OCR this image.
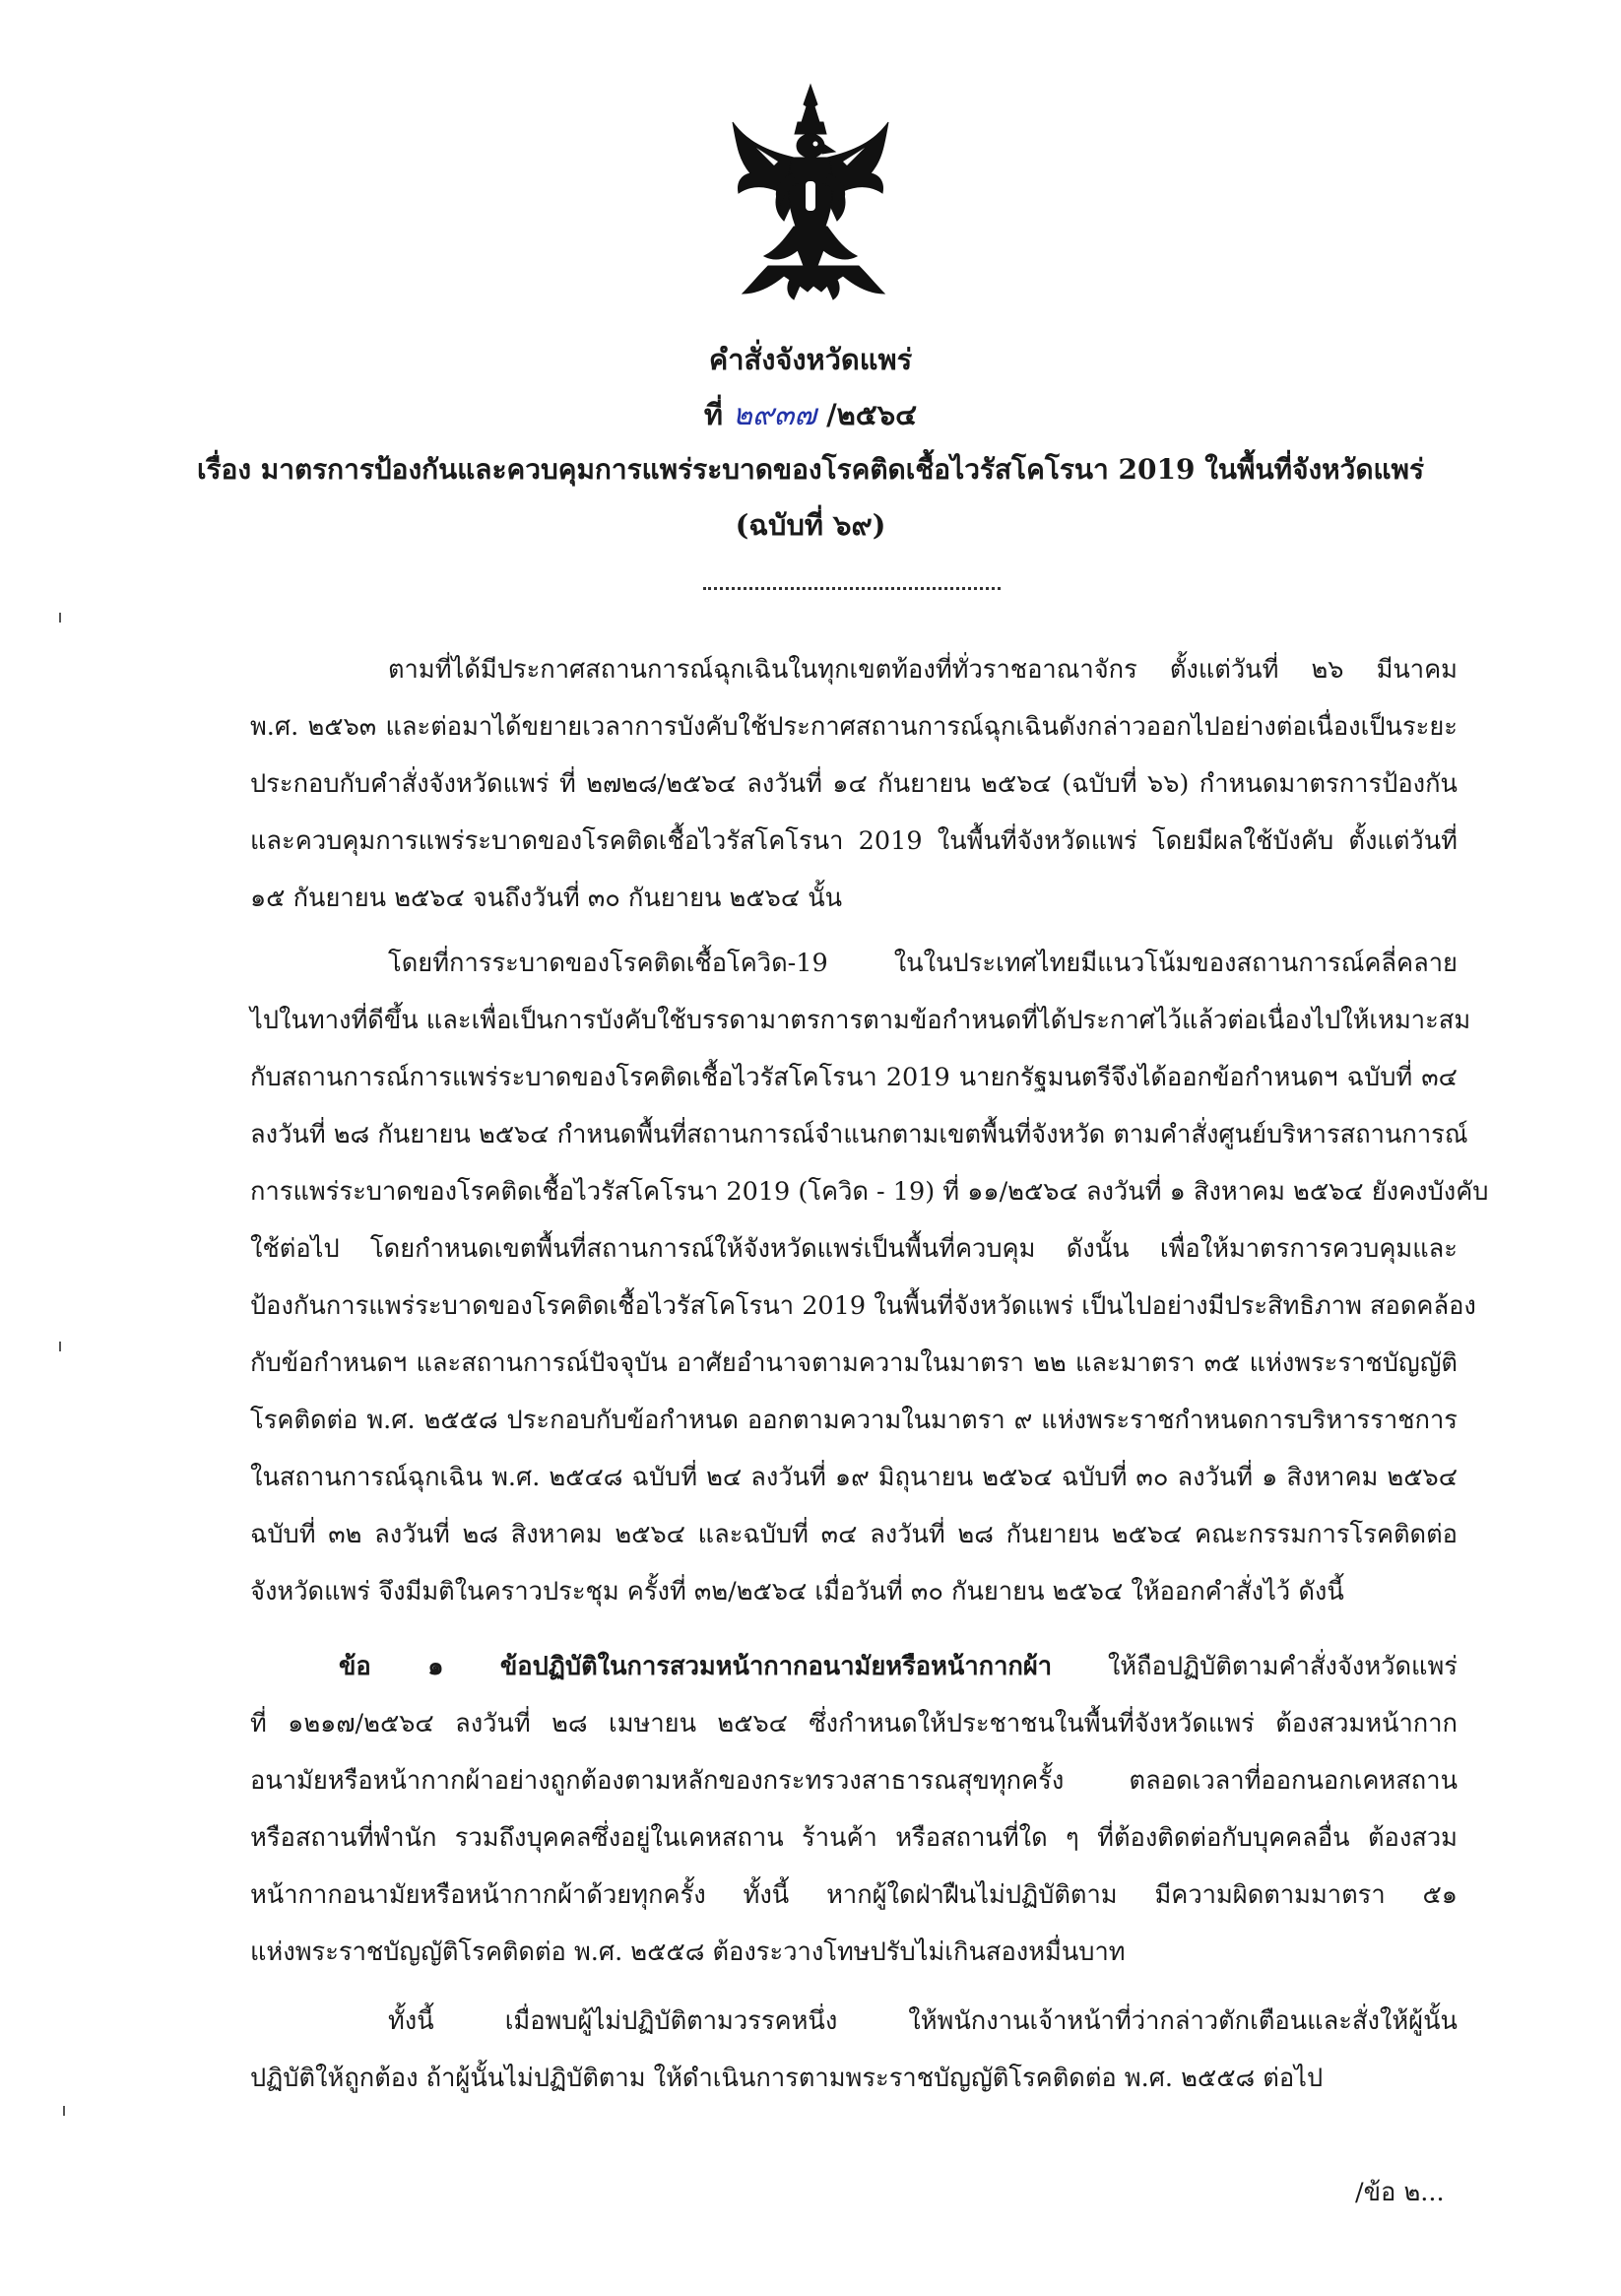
คำสั่งจังหวัดแพร่
ที่ ๒๙๓๗ /๒๕๖๔
เรื่อง มาตรการป้องกันและควบคุมการแพร่ระบาดของโรคติดเชื้อไวรัสโคโรนา 2019 ในพื้นที่จังหวัดแพร่
(ฉบับที่ ๖๙)
ตามที่ได้มีประกาศสถานการณ์ฉุกเฉินในทุกเขตท้องที่ทั่วราชอาณาจักร ตั้งแต่วันที่ ๒๖ มีนาคม
พ.ศ. ๒๕๖๓ และต่อมาได้ขยายเวลาการบังคับใช้ประกาศสถานการณ์ฉุกเฉินดังกล่าวออกไปอย่างต่อเนื่องเป็นระยะ
ประกอบกับคำสั่งจังหวัดแพร่ ที่ ๒๗๒๘/๒๕๖๔ ลงวันที่ ๑๔ กันยายน ๒๕๖๔ (ฉบับที่ ๖๖) กำหนดมาตรการป้องกัน
และควบคุมการแพร่ระบาดของโรคติดเชื้อไวรัสโคโรนา 2019 ในพื้นที่จังหวัดแพร่ โดยมีผลใช้บังคับ ตั้งแต่วันที่
๑๕ กันยายน ๒๕๖๔ จนถึงวันที่ ๓๐ กันยายน ๒๕๖๔ นั้น
โดยที่การระบาดของโรคติดเชื้อโควิด-19 ในในประเทศไทยมีแนวโน้มของสถานการณ์คลี่คลาย
ไปในทางที่ดีขึ้น และเพื่อเป็นการบังคับใช้บรรดามาตรการตามข้อกำหนดที่ได้ประกาศไว้แล้วต่อเนื่องไปให้เหมาะสม
กับสถานการณ์การแพร่ระบาดของโรคติดเชื้อไวรัสโคโรนา 2019 นายกรัฐมนตรีจึงได้ออกข้อกำหนดฯ ฉบับที่ ๓๔
ลงวันที่ ๒๘ กันยายน ๒๕๖๔ กำหนดพื้นที่สถานการณ์จำแนกตามเขตพื้นที่จังหวัด ตามคำสั่งศูนย์บริหารสถานการณ์
การแพร่ระบาดของโรคติดเชื้อไวรัสโคโรนา 2019 (โควิด - 19) ที่ ๑๑/๒๕๖๔ ลงวันที่ ๑ สิงหาคม ๒๕๖๔ ยังคงบังคับ
ใช้ต่อไป โดยกำหนดเขตพื้นที่สถานการณ์ให้จังหวัดแพร่เป็นพื้นที่ควบคุม ดังนั้น เพื่อให้มาตรการควบคุมและ
ป้องกันการแพร่ระบาดของโรคติดเชื้อไวรัสโคโรนา 2019 ในพื้นที่จังหวัดแพร่ เป็นไปอย่างมีประสิทธิภาพ สอดคล้อง
กับข้อกำหนดฯ และสถานการณ์ปัจจุบัน อาศัยอำนาจตามความในมาตรา ๒๒ และมาตรา ๓๕ แห่งพระราชบัญญัติ
โรคติดต่อ พ.ศ. ๒๕๕๘ ประกอบกับข้อกำหนด ออกตามความในมาตรา ๙ แห่งพระราชกำหนดการบริหารราชการ
ในสถานการณ์ฉุกเฉิน พ.ศ. ๒๕๔๘ ฉบับที่ ๒๔ ลงวันที่ ๑๙ มิถุนายน ๒๕๖๔ ฉบับที่ ๓๐ ลงวันที่ ๑ สิงหาคม ๒๕๖๔
ฉบับที่ ๓๒ ลงวันที่ ๒๘ สิงหาคม ๒๕๖๔ และฉบับที่ ๓๔ ลงวันที่ ๒๘ กันยายน ๒๕๖๔ คณะกรรมการโรคติดต่อ
จังหวัดแพร่ จึงมีมติในคราวประชุม ครั้งที่ ๓๒/๒๕๖๔ เมื่อวันที่ ๓๐ กันยายน ๒๕๖๔ ให้ออกคำสั่งไว้ ดังนี้
ข้อ ๑ ข้อปฏิบัติในการสวมหน้ากากอนามัยหรือหน้ากากผ้า ให้ถือปฏิบัติตามคำสั่งจังหวัดแพร่
ที่ ๑๒๑๗/๒๕๖๔ ลงวันที่ ๒๘ เมษายน ๒๕๖๔ ซึ่งกำหนดให้ประชาชนในพื้นที่จังหวัดแพร่ ต้องสวมหน้ากาก
อนามัยหรือหน้ากากผ้าอย่างถูกต้องตามหลักของกระทรวงสาธารณสุขทุกครั้ง ตลอดเวลาที่ออกนอกเคหสถาน
หรือสถานที่พำนัก รวมถึงบุคคลซึ่งอยู่ในเคหสถาน ร้านค้า หรือสถานที่ใด ๆ ที่ต้องติดต่อกับบุคคลอื่น ต้องสวม
หน้ากากอนามัยหรือหน้ากากผ้าด้วยทุกครั้ง ทั้งนี้ หากผู้ใดฝ่าฝืนไม่ปฏิบัติตาม มีความผิดตามมาตรา ๕๑
แห่งพระราชบัญญัติโรคติดต่อ พ.ศ. ๒๕๕๘ ต้องระวางโทษปรับไม่เกินสองหมื่นบาท
ทั้งนี้ เมื่อพบผู้ไม่ปฏิบัติตามวรรคหนึ่ง ให้พนักงานเจ้าหน้าที่ว่ากล่าวตักเตือนและสั่งให้ผู้นั้น
ปฏิบัติให้ถูกต้อง ถ้าผู้นั้นไม่ปฏิบัติตาม ให้ดำเนินการตามพระราชบัญญัติโรคติดต่อ พ.ศ. ๒๕๕๘ ต่อไป
/ข้อ ๒...
